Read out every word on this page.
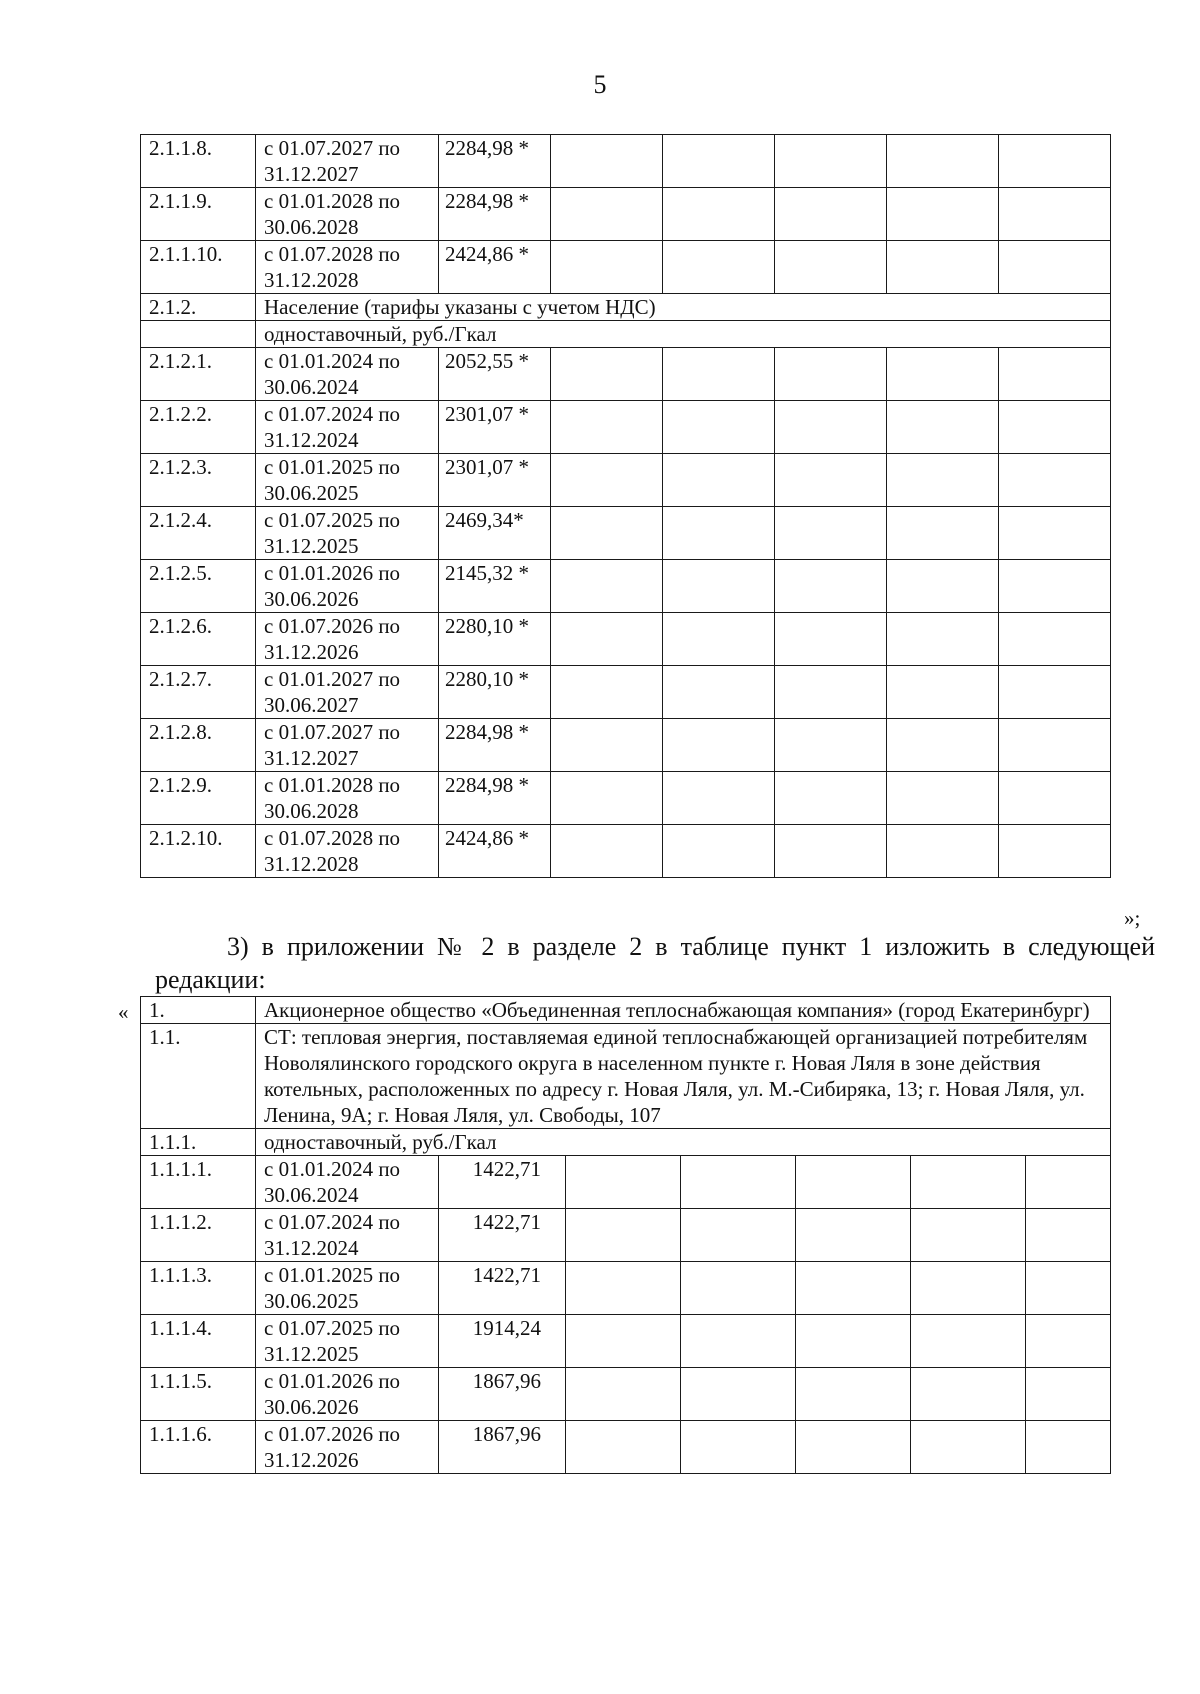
5
2.1.1.8.	с 01.07.2027 по 31.12.2027	2284,98 *					
2.1.1.9.	с 01.01.2028 по 30.06.2028	2284,98 *					
2.1.1.10.	с 01.07.2028 по 31.12.2028	2424,86 *					
2.1.2.	Население (тарифы указаны с учетом НДС)						
	одноставочный, руб./Гкал						
2.1.2.1.	с 01.01.2024 по 30.06.2024	2052,55 *					
2.1.2.2.	с 01.07.2024 по 31.12.2024	2301,07 *					
2.1.2.3.	с 01.01.2025 по 30.06.2025	2301,07 *					
2.1.2.4.	с 01.07.2025 по 31.12.2025	2469,34*					
2.1.2.5.	с 01.01.2026 по 30.06.2026	2145,32 *					
2.1.2.6.	с 01.07.2026 по 31.12.2026	2280,10 *					
2.1.2.7.	с 01.01.2027 по 30.06.2027	2280,10 *					
2.1.2.8.	с 01.07.2027 по 31.12.2027	2284,98 *					
2.1.2.9.	с 01.01.2028 по 30.06.2028	2284,98 *					
2.1.2.10.	с 01.07.2028 по 31.12.2028	2424,86 *					
»;
3) в приложении № 2 в разделе 2 в таблице пункт 1 изложить в следующей редакции:
« 1.	Акционерное общество «Объединенная теплоснабжающая компания» (город Екатеринбург)						
1.1.	СТ: тепловая энергия, поставляемая единой теплоснабжающей организацией потребителям Новолялинского городского округа в населенном пункте г. Новая Ляля в зоне действия котельных, расположенных по адресу г. Новая Ляля, ул. М.-Сибиряка, 13; г. Новая Ляля, ул. Ленина, 9А; г. Новая Ляля, ул. Свободы, 107						
1.1.1.	одноставочный, руб./Гкал						
1.1.1.1.	с 01.01.2024 по 30.06.2024	1422,71					
1.1.1.2.	с 01.07.2024 по 31.12.2024	1422,71					
1.1.1.3.	с 01.01.2025 по 30.06.2025	1422,71					
1.1.1.4.	с 01.07.2025 по 31.12.2025	1914,24					
1.1.1.5.	с 01.01.2026 по 30.06.2026	1867,96					
1.1.1.6.	с 01.07.2026 по 31.12.2026	1867,96					
